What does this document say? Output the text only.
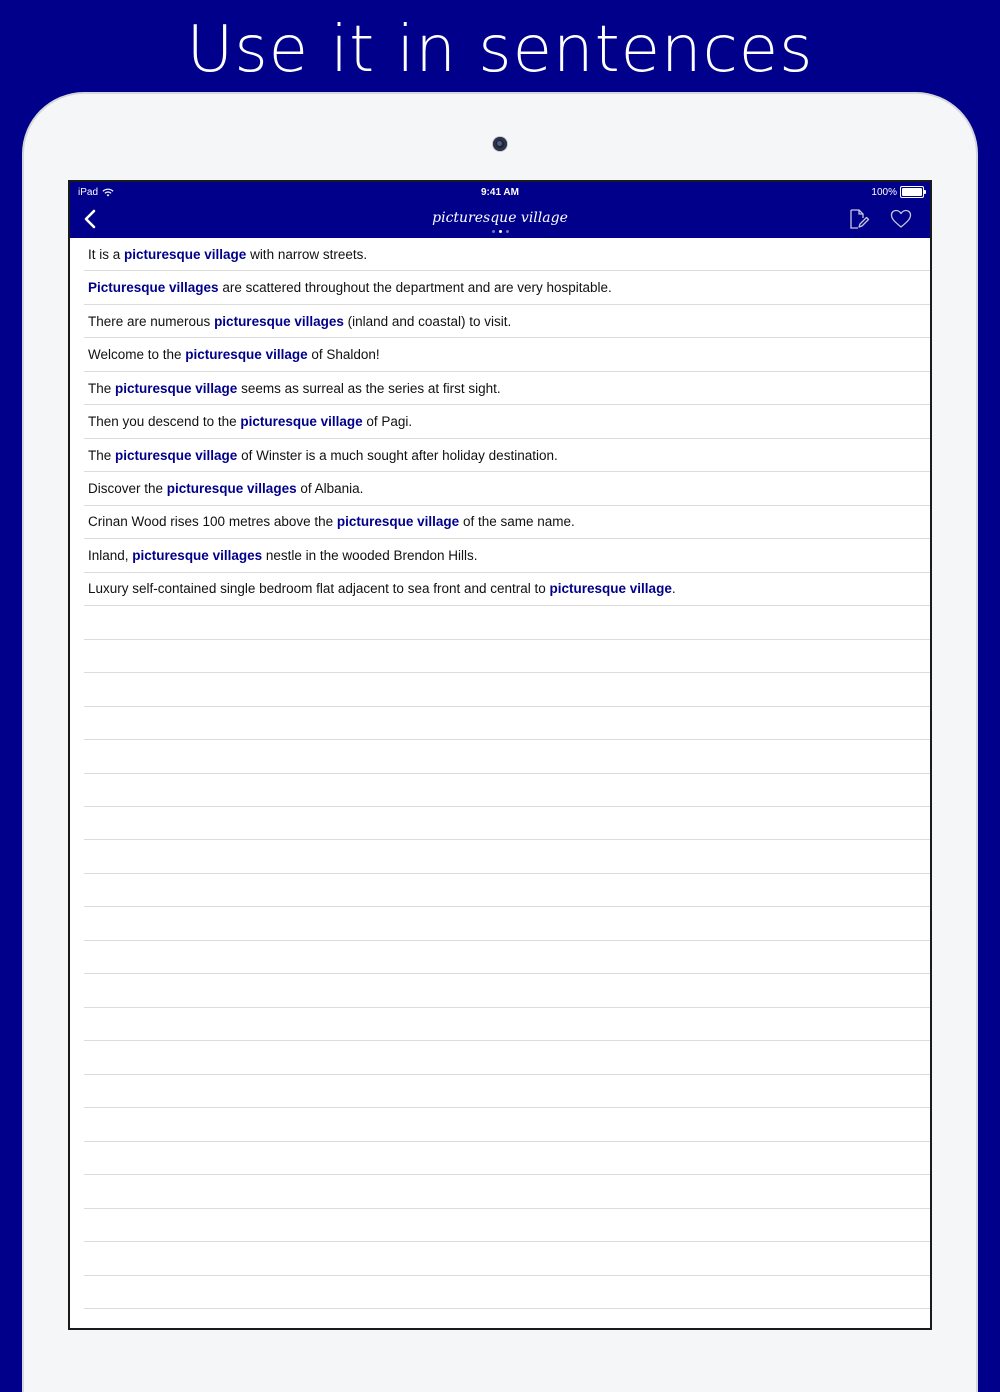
Use it in sentences
iPad	9:41 AM	100%
picturesque village
It is a picturesque village with narrow streets.
Picturesque villages are scattered throughout the department and are very hospitable.
There are numerous picturesque villages (inland and coastal) to visit.
Welcome to the picturesque village of Shaldon!
The picturesque village seems as surreal as the series at first sight.
Then you descend to the picturesque village of Pagi.
The picturesque village of Winster is a much sought after holiday destination.
Discover the picturesque villages of Albania.
Crinan Wood rises 100 metres above the picturesque village of the same name.
Inland, picturesque villages nestle in the wooded Brendon Hills.
Luxury self-contained single bedroom flat adjacent to sea front and central to picturesque village .
